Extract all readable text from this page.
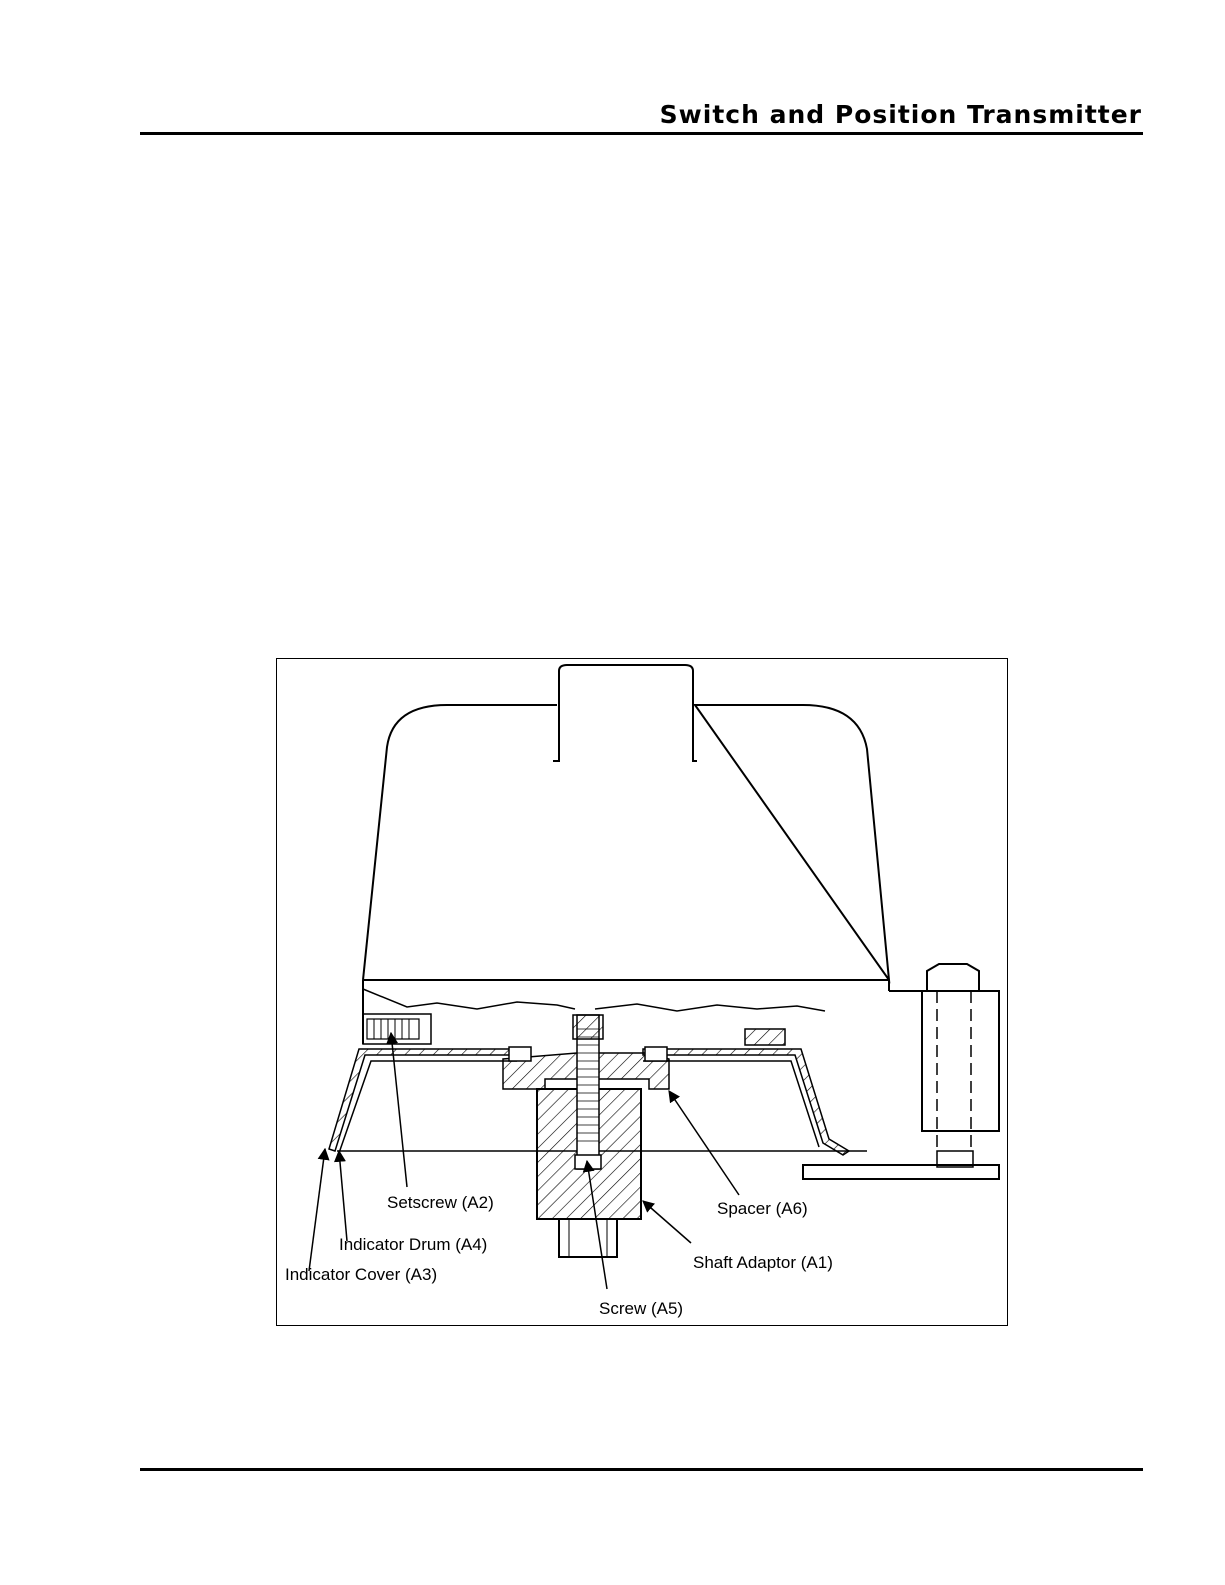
Switch and Position Transmitter
Setscrew (A2)
Indicator Drum (A4)
Indicator Cover (A3)
Screw (A5)
Spacer (A6)
Shaft Adaptor (A1)
